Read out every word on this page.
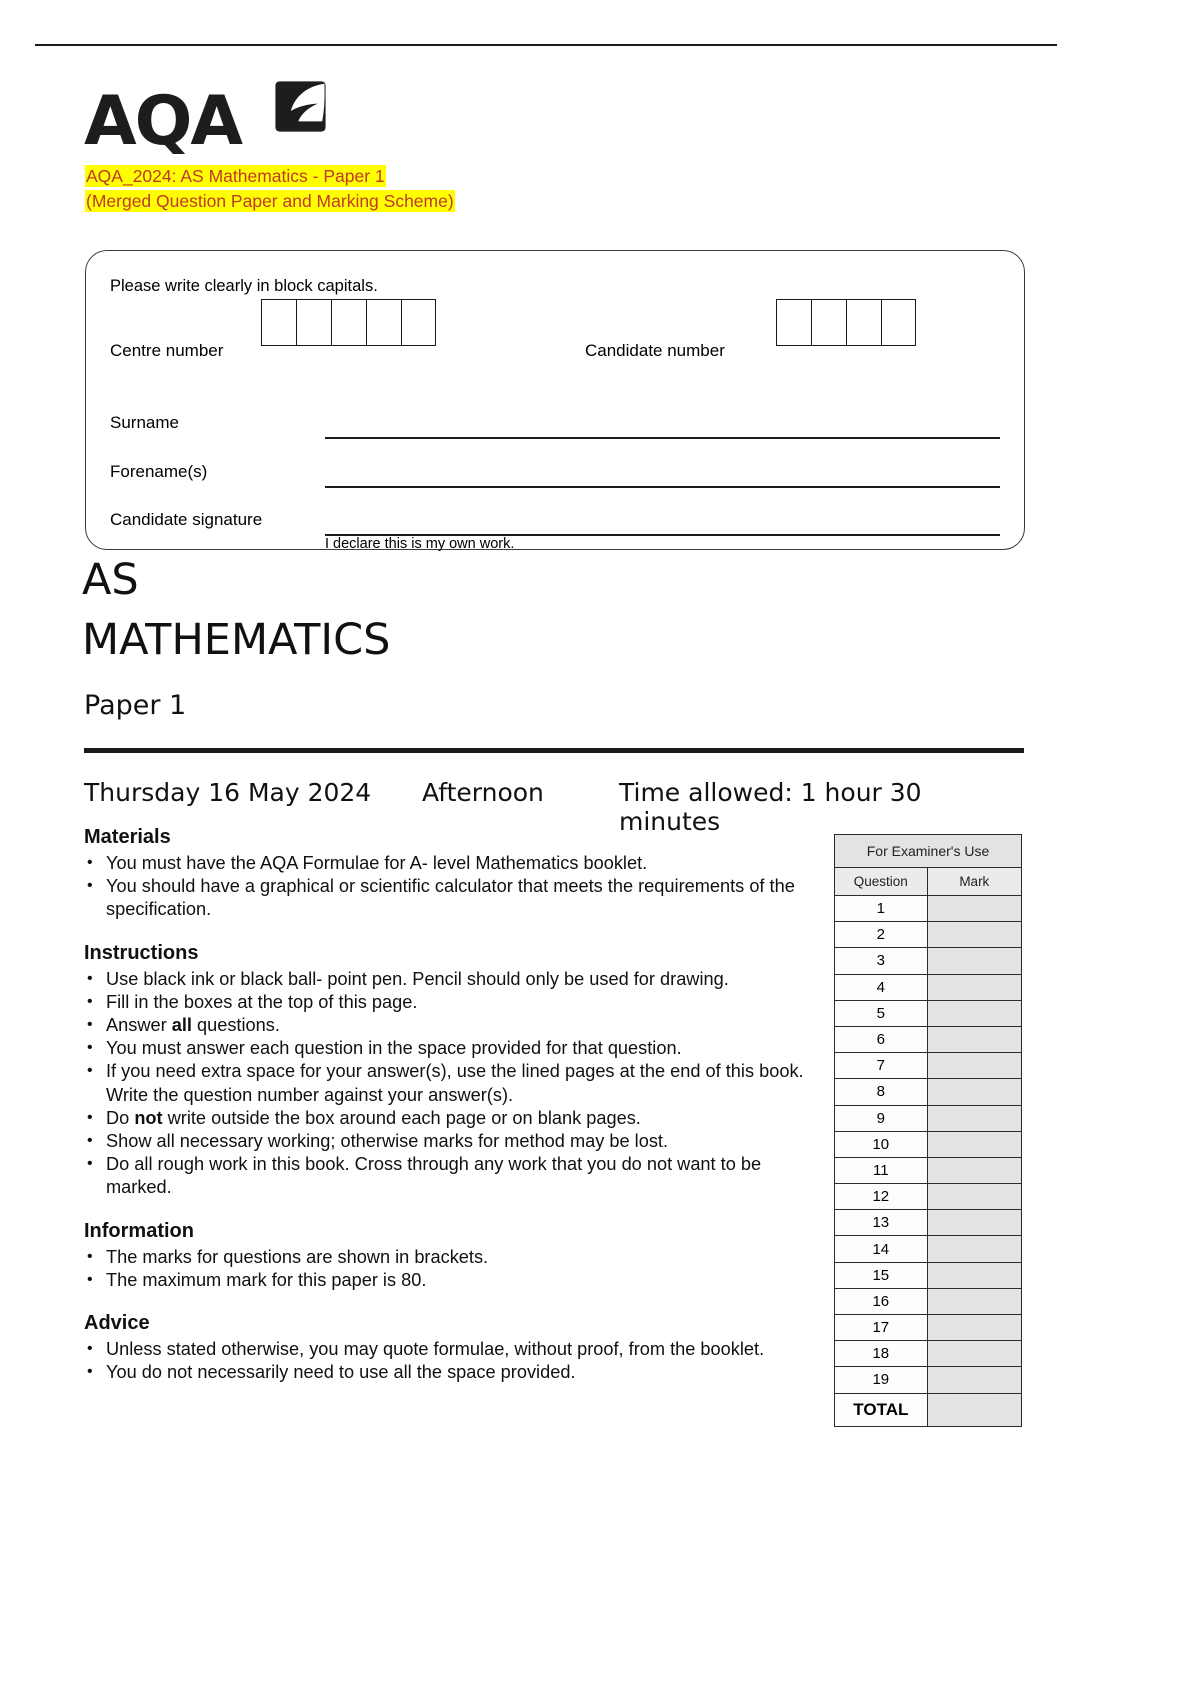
AQA
AQA_2024: AS Mathematics - Paper 1
(Merged Question Paper and Marking Scheme)
Please write clearly in block capitals.
Centre number	Candidate number
Surname
Forename(s)
Candidate signature
I declare this is my own work.
AS
MATHEMATICS
Paper 1
Thursday 16 May 2024 Afternoon	Time allowed: 1 hour 30 minutes
Materials
• You must have the AQA Formulae for A- level Mathematics booklet.
• You should have a graphical or scientific calculator that meets the requirements of the specification.
Instructions
• Use black ink or black ball- point pen. Pencil should only be used for drawing.
• Fill in the boxes at the top of this page.
• Answer all questions.
• You must answer each question in the space provided for that question.
• If you need extra space for your answer(s), use the lined pages at the end of this book. Write the question number against your answer(s).
• Do not write outside the box around each page or on blank pages.
• Show all necessary working; otherwise marks for method may be lost.
• Do all rough work in this book. Cross through any work that you do not want to be marked.
Information
• The marks for questions are shown in brackets.
• The maximum mark for this paper is 80.
Advice
• Unless stated otherwise, you may quote formulae, without proof, from the booklet.
• You do not necessarily need to use all the space provided.
For Examiner's Use	
Question	Mark
1	
2	
3	
4	
5	
6	
7	
8	
9	
10	
11	
12	
13	
14	
15	
16	
17	
18	
19	
TOTAL	
